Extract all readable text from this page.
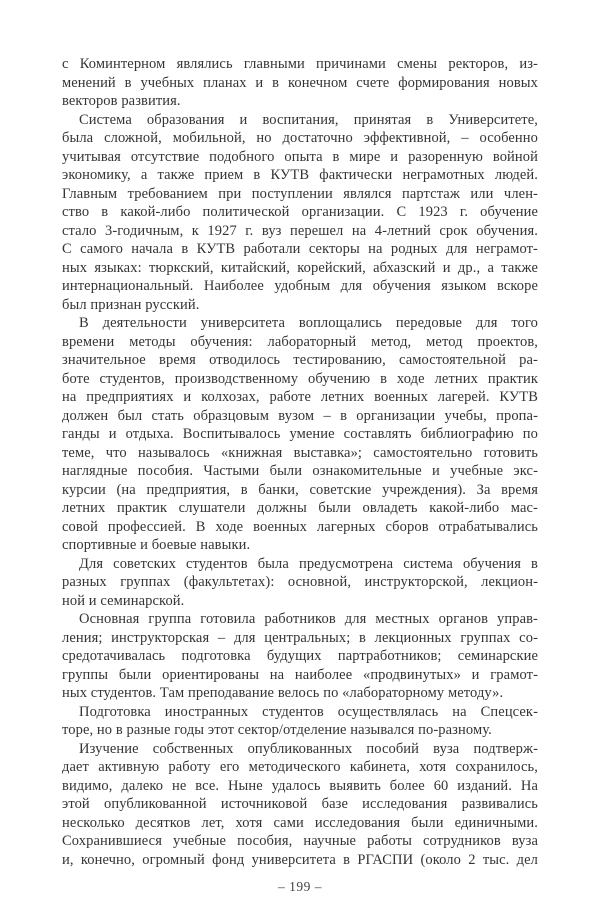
с Коминтерном являлись главными причинами смены ректоров, из-
менений в учебных планах и в конечном счете формирования новых
векторов развития.
Система образования и воспитания, принятая в Университете,
была сложной, мобильной, но достаточно эффективной, – особенно
учитывая отсутствие подобного опыта в мире и разоренную войной
экономику, а также прием в КУТВ фактически неграмотных людей.
Главным требованием при поступлении являлся партстаж или член-
ство в какой-либо политической организации. С 1923 г. обучение
стало 3-годичным, к 1927 г. вуз перешел на 4-летний срок обучения.
С самого начала в КУТВ работали секторы на родных для неграмот-
ных языках: тюркский, китайский, корейский, абхазский и др., а также
интернациональный. Наиболее удобным для обучения языком вскоре
был признан русский.
В деятельности университета воплощались передовые для того
времени методы обучения: лабораторный метод, метод проектов,
значительное время отводилось тестированию, самостоятельной ра-
боте студентов, производственному обучению в ходе летних практик
на предприятиях и колхозах, работе летних военных лагерей. КУТВ
должен был стать образцовым вузом – в организации учебы, пропа-
ганды и отдыха. Воспитывалось умение составлять библиографию по
теме, что называлось «книжная выставка»; самостоятельно готовить
наглядные пособия. Частыми были ознакомительные и учебные экс-
курсии (на предприятия, в банки, советские учреждения). За время
летних практик слушатели должны были овладеть какой-либо мас-
совой профессией. В ходе военных лагерных сборов отрабатывались
спортивные и боевые навыки.
Для советских студентов была предусмотрена система обучения в
разных группах (факультетах): основной, инструкторской, лекцион-
ной и семинарской.
Основная группа готовила работников для местных органов управ-
ления; инструкторская – для центральных; в лекционных группах со-
средотачивалась подготовка будущих партработников; семинарские
группы были ориентированы на наиболее «продвинутых» и грамот-
ных студентов. Там преподавание велось по «лабораторному методу».
Подготовка иностранных студентов осуществлялась на Спецсек-
торе, но в разные годы этот сектор/отделение назывался по-разному.
Изучение собственных опубликованных пособий вуза подтверж-
дает активную работу его методического кабинета, хотя сохранилось,
видимо, далеко не все. Ныне удалось выявить более 60 изданий. На
этой опубликованной источниковой базе исследования развивались
несколько десятков лет, хотя сами исследования были единичными.
Сохранившиеся учебные пособия, научные работы сотрудников вуза
и, конечно, огромный фонд университета в РГАСПИ (около 2 тыс. дел
– 199 –
